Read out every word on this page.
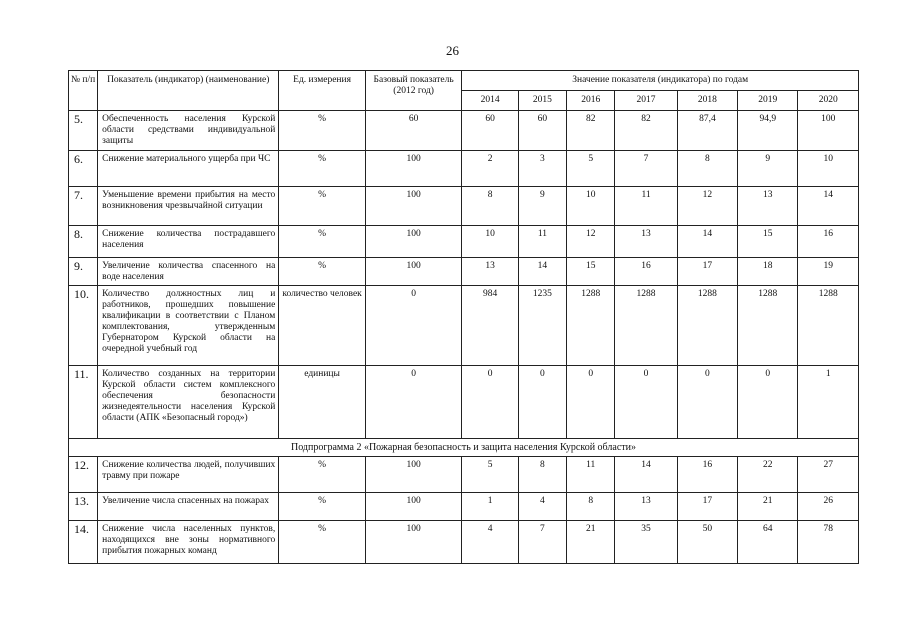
26
№ п/п	Показатель (индикатор) (наименование)	Ед. измерения	Базовый показатель (2012 год)	Значение показателя (индикатора) по годам						
				2014	2015	2016	2017	2018	2019	2020
5.	Обеспеченность населения Курской области средствами индивидуальной защиты	%	60	60	60	82	82	87,4	94,9	100
6.	Снижение материального ущерба при ЧС	%	100	2	3	5	7	8	9	10
7.	Уменьшение времени прибытия на место возникновения чрезвычайной ситуации	%	100	8	9	10	11	12	13	14
8.	Снижение количества пострадавшего населения	%	100	10	11	12	13	14	15	16
9.	Увеличение количества спасенного на воде населения	%	100	13	14	15	16	17	18	19
10.	Количество должностных лиц и работников, прошедших повышение квалификации в соответствии с Планом комплектования, утвержденным Губернатором Курской области на очередной учебный год	количество человек	0	984	1235	1288	1288	1288	1288	1288
11.	Количество созданных на территории Курской области систем комплексного обеспечения безопасности жизнедеятельности населения Курской области (АПК «Безопасный город»)	единицы	0	0	0	0	0	0	0	1
Подпрограмма 2 «Пожарная безопасность и защита населения Курской области»										
12.	Снижение количества людей, получивших травму при пожаре	%	100	5	8	11	14	16	22	27
13.	Увеличение числа спасенных на пожарах	%	100	1	4	8	13	17	21	26
14.	Снижение числа населенных пунктов, находящихся вне зоны нормативного прибытия пожарных команд	%	100	4	7	21	35	50	64	78
